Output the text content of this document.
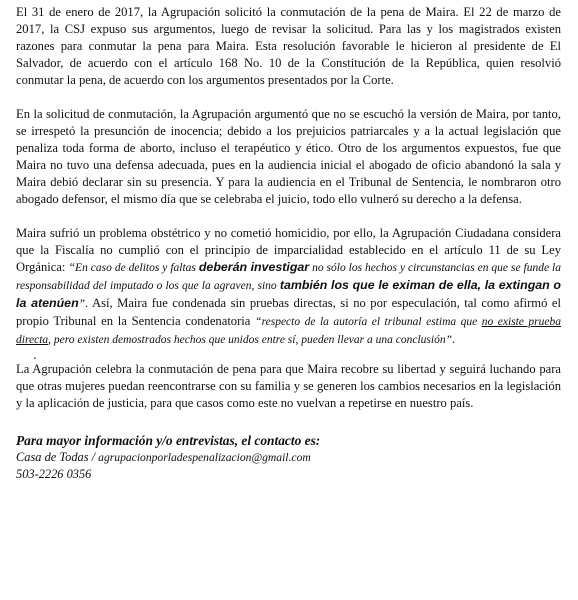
El 31 de enero de 2017, la Agrupación solicitó la conmutación de la pena de Maira. El 22 de marzo de 2017, la CSJ expuso sus argumentos, luego de revisar la solicitud. Para las y los magistrados existen razones para conmutar la pena para Maira. Esta resolución favorable le hicieron al presidente de El Salvador, de acuerdo con el artículo 168 No. 10 de la Constitución de la República, quien resolvió conmutar la pena, de acuerdo con los argumentos presentados por la Corte.

En la solicitud de conmutación, la Agrupación argumentó que no se escuchó la versión de Maira, por tanto, se irrespetó la presunción de inocencia; debido a los prejuicios patriarcales y a la actual legislación que penaliza toda forma de aborto, incluso el terapéutico y ético. Otro de los argumentos expuestos, fue que Maira no tuvo una defensa adecuada, pues en la audiencia inicial el abogado de oficio abandonó la sala y Maira debió declarar sin su presencia. Y para la audiencia en el Tribunal de Sentencia, le nombraron otro abogado defensor, el mismo día que se celebraba el juicio, todo ello vulneró su derecho a la defensa.

Maira sufrió un problema obstétrico y no cometió homicidio, por ello, la Agrupación Ciudadana considera que la Fiscalía no cumplió con el principio de imparcialidad establecido en el artículo 11 de su Ley Orgánica: “En caso de delitos y faltas deberán investigar no sólo los hechos y circunstancias en que se funde la responsabilidad del imputado o los que la agraven, sino también los que le eximan de ella, la extingan o la atenúen”. Así, Maira fue condenada sin pruebas directas, si no por especulación, tal como afirmó el propio Tribunal en la Sentencia condenatoria “respecto de la autoría el tribunal estima que no existe prueba directa, pero existen demostrados hechos que unidos entre sí, pueden llevar a una conclusión”.

.

La Agrupación celebra la conmutación de pena para que Maira recobre su libertad y seguirá luchando para que otras mujeres puedan reencontrarse con su familia y se generen los cambios necesarios en la legislación y la aplicación de justicia, para que casos como este no vuelvan a repetirse en nuestro país.

Para mayor información y/o entrevistas, el contacto es:
Casa de Todas / agrupacionporladespenalizacion@gmail.com
503-2226 0356
